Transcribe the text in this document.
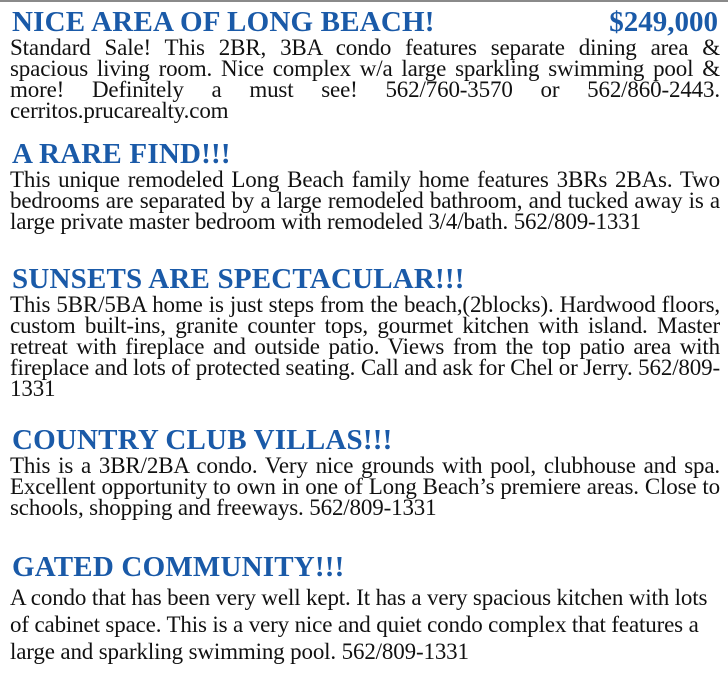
NICE AREA OF LONG BEACH!	$249,000

Standard Sale! This 2BR, 3BA condo features separate dining area & spacious living room. Nice complex w/a large sparkling swimming pool & more! Definitely a must see! 562/760-3570 or 562/860-2443. cerritos.prucarealty.com

A RARE FIND!!!

This unique remodeled Long Beach family home features 3BRs 2BAs. Two bedrooms are separated by a large remodeled bathroom, and tucked away is a large private master bedroom with remodeled 3/4/bath. 562/809-1331

SUNSETS ARE SPECTACULAR!!!

This 5BR/5BA home is just steps from the beach,(2blocks). Hardwood floors, custom built-ins, granite counter tops, gourmet kitchen with island. Master retreat with fireplace and outside patio. Views from the top patio area with fireplace and lots of protected seating. Call and ask for Chel or Jerry. 562/809-1331

COUNTRY CLUB VILLAS!!!

This is a 3BR/2BA condo. Very nice grounds with pool, clubhouse and spa. Excellent opportunity to own in one of Long Beach’s premiere areas. Close to schools, shopping and freeways. 562/809-1331

GATED COMMUNITY!!!

A condo that has been very well kept. It has a very spacious kitchen with lots of cabinet space. This is a very nice and quiet condo complex that features a large and sparkling swimming pool. 562/809-1331
